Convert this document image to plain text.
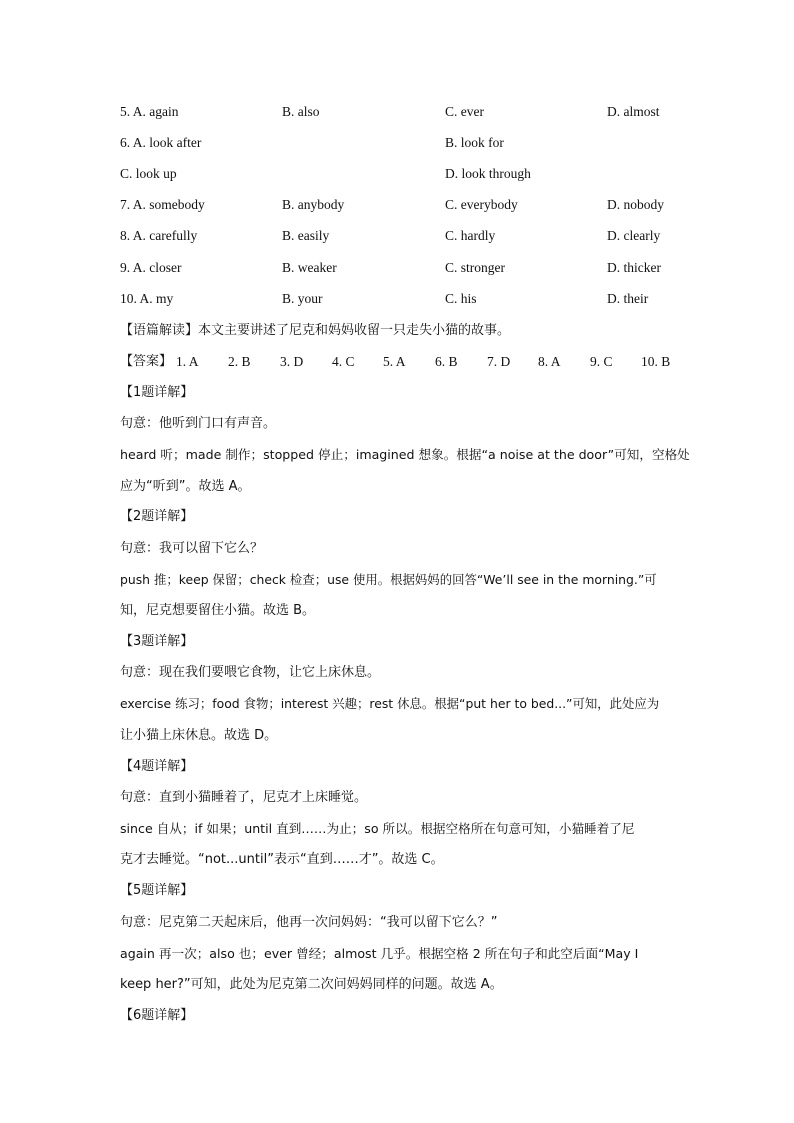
5. A. again	B. also	C. ever	D. almost
6. A. look after	B. look for
C. look up	D. look through
7. A. somebody	B. anybody	C. everybody	D. nobody
8. A. carefully	B. easily	C. hardly	D. clearly
9. A. closer	B. weaker	C. stronger	D. thicker
10. A. my	B. your	C. his	D. their
【语篇解读】本文主要讲述了尼克和妈妈收留一只走失小猫的故事。
【答案】 1. A 2. B 3. D 4. C 5. A 6. B 7. D 8. A 9. C 10. B
【1题详解】
句意：他听到门口有声音。
heard 听；made 制作；stopped 停止；imagined 想象。根据“a noise at the door”可知，空格处
应为“听到”。故选 A。
【2题详解】
句意：我可以留下它么？
push 推；keep 保留；check 检查；use 使用。根据妈妈的回答“We’ll see in the morning.”可
知，尼克想要留住小猫。故选 B。
【3题详解】
句意：现在我们要喂它食物，让它上床休息。
exercise 练习；food 食物；interest 兴趣；rest 休息。根据“put her to bed...”可知，此处应为
让小猫上床休息。故选 D。
【4题详解】
句意：直到小猫睡着了，尼克才上床睡觉。
since 自从；if 如果；until 直到……为止；so 所以。根据空格所在句意可知，小猫睡着了尼
克才去睡觉。“not...until”表示“直到……才”。故选 C。
【5题详解】
句意：尼克第二天起床后，他再一次问妈妈：“我可以留下它么？”
again 再一次；also 也；ever 曾经；almost 几乎。根据空格 2 所在句子和此空后面“May I
keep her?”可知，此处为尼克第二次问妈妈同样的问题。故选 A。
【6题详解】
